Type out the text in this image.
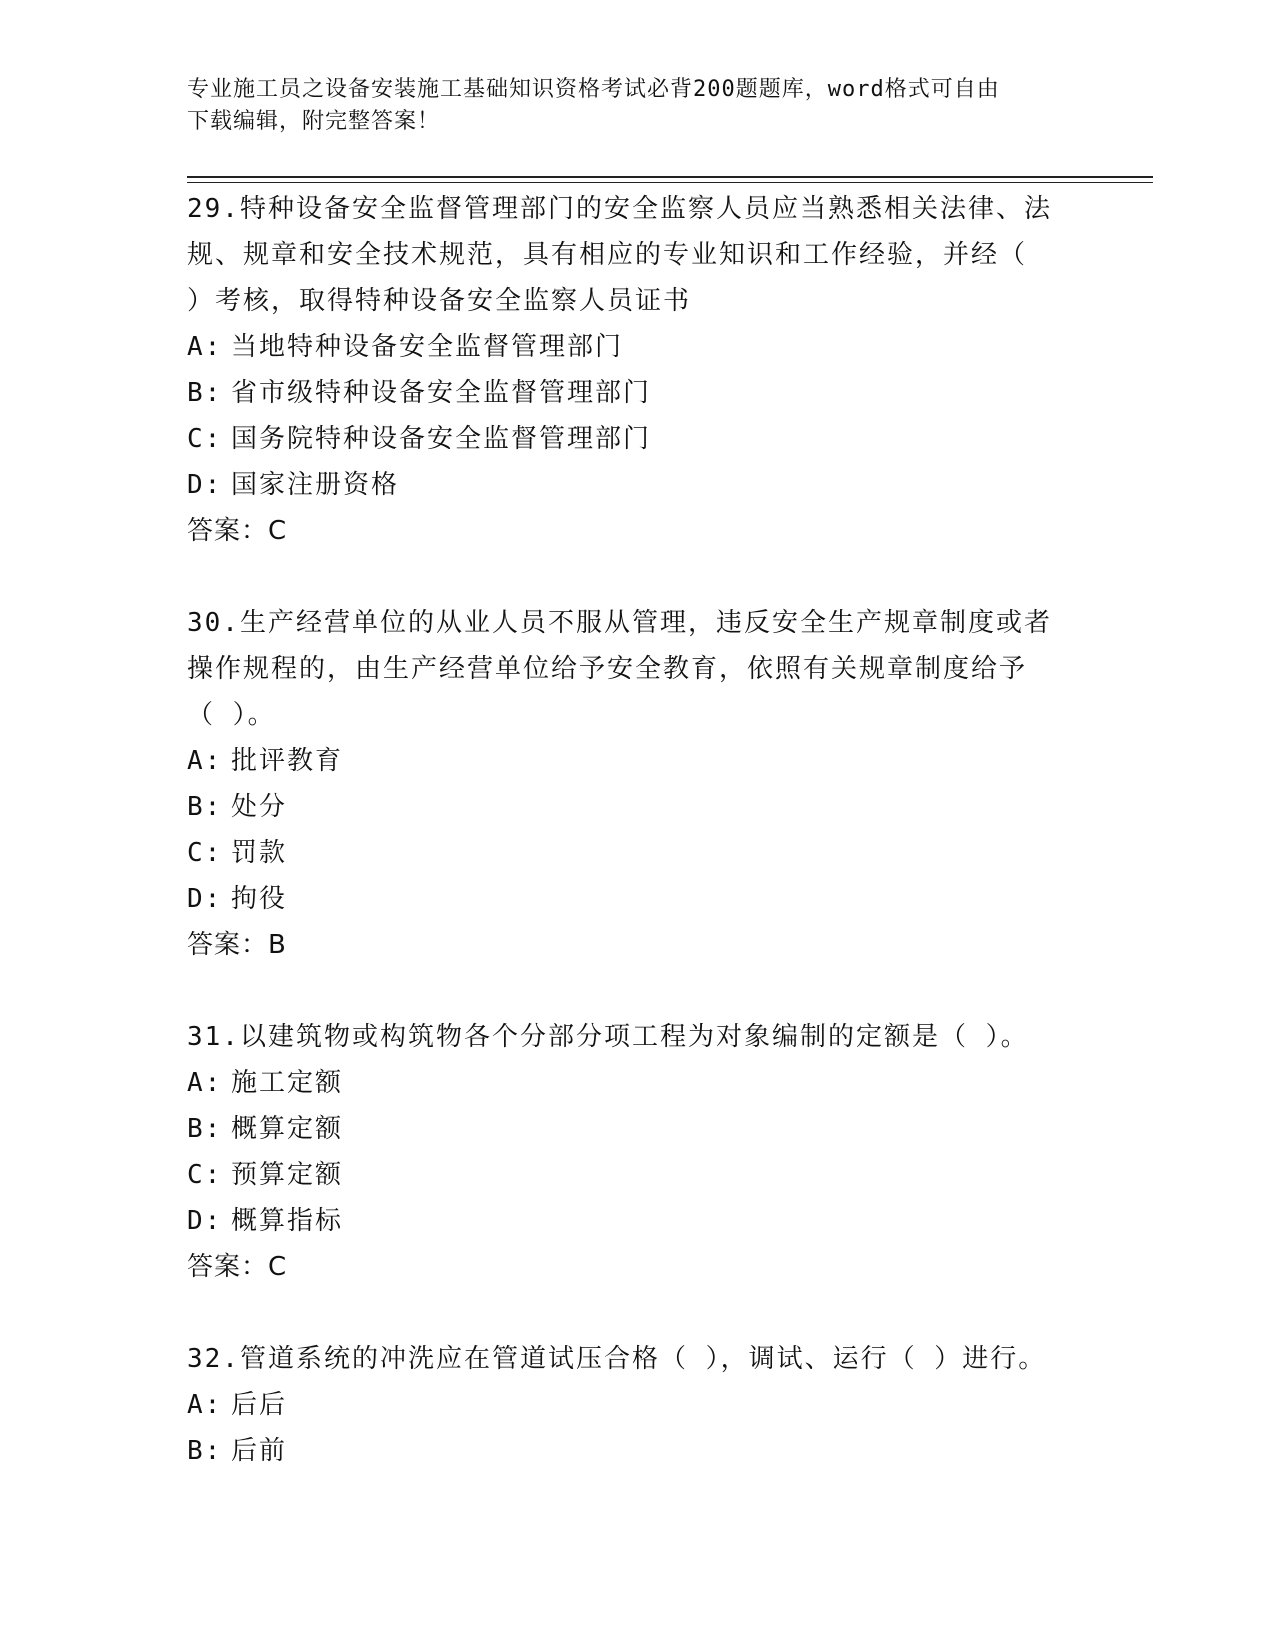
专业施工员之设备安装施工基础知识资格考试必背200题题库，word格式可自由
下载编辑，附完整答案！
29.特种设备安全监督管理部门的安全监察人员应当熟悉相关法律、法
规、规章和安全技术规范，具有相应的专业知识和工作经验，并经（
）考核，取得特种设备安全监察人员证书
A: 当地特种设备安全监督管理部门
B: 省市级特种设备安全监督管理部门
C: 国务院特种设备安全监督管理部门
D: 国家注册资格
答案：C
30.生产经营单位的从业人员不服从管理，违反安全生产规章制度或者
操作规程的，由生产经营单位给予安全教育，依照有关规章制度给予
（ ）。
A: 批评教育
B: 处分
C: 罚款
D: 拘役
答案：B
31.以建筑物或构筑物各个分部分项工程为对象编制的定额是（ ）。
A: 施工定额
B: 概算定额
C: 预算定额
D: 概算指标
答案：C
32.管道系统的冲洗应在管道试压合格（ ），调试、运行（ ）进行。
A: 后后
B: 后前
